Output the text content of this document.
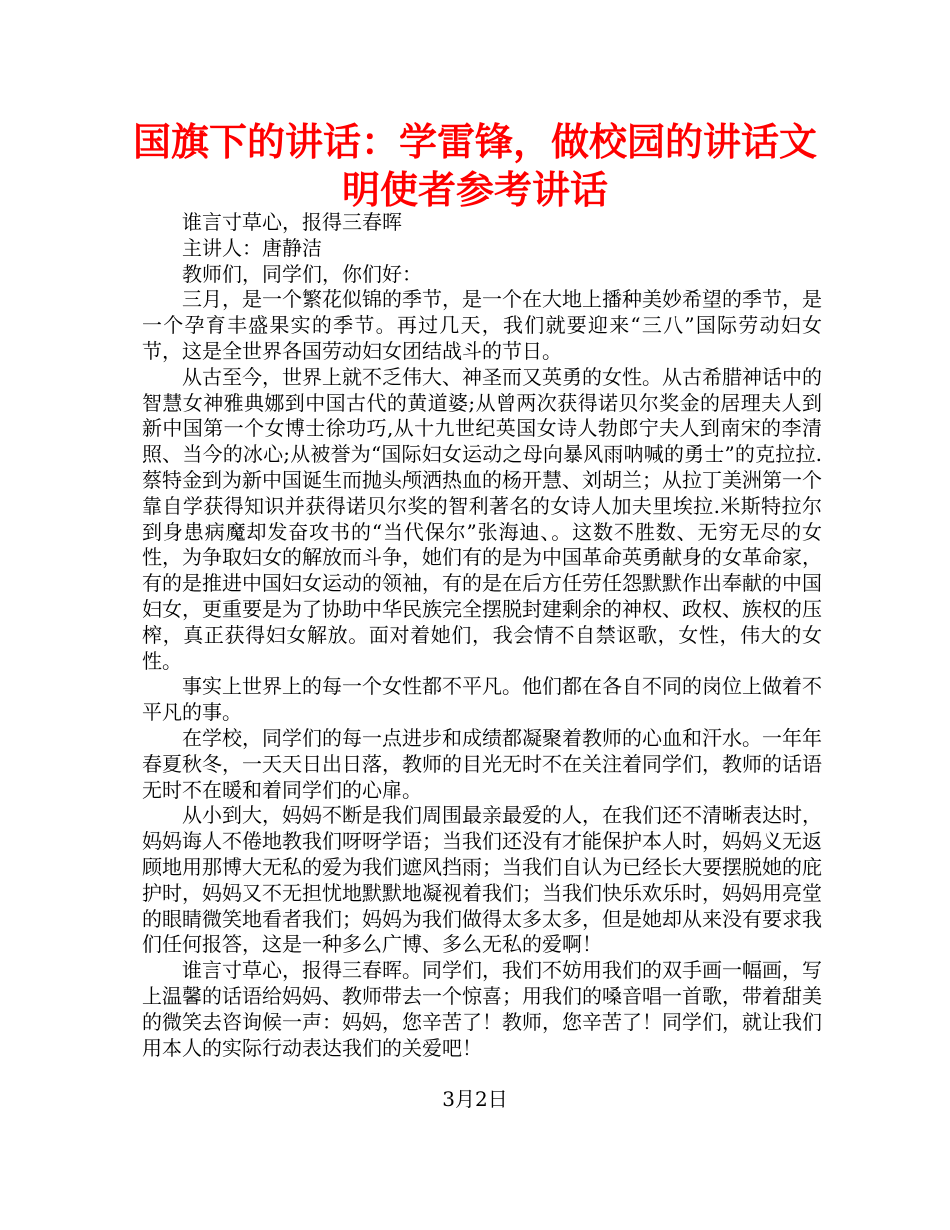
国旗下的讲话：学雷锋，做校园的讲话文明使者参考讲话

谁言寸草心，报得三春晖

主讲人：唐静洁

教师们，同学们，你们好：

三月，是一个繁花似锦的季节，是一个在大地上播种美妙希望的季节，是一个孕育丰盛果实的季节。再过几天，我们就要迎来“三八”国际劳动妇女节，这是全世界各国劳动妇女团结战斗的节日。

从古至今，世界上就不乏伟大、神圣而又英勇的女性。从古希腊神话中的智慧女神雅典娜到中国古代的黄道婆;从曾两次获得诺贝尔奖金的居理夫人到新中国第一个女博士徐功巧,从十九世纪英国女诗人勃郎宁夫人到南宋的李清照、当今的冰心;从被誉为“国际妇女运动之母向暴风雨呐喊的勇士”的克拉拉.蔡特金到为新中国诞生而抛头颅洒热血的杨开慧、刘胡兰；从拉丁美洲第一个靠自学获得知识并获得诺贝尔奖的智利著名的女诗人加夫里埃拉.米斯特拉尔到身患病魔却发奋攻书的“当代保尔”张海迪、。这数不胜数、无穷无尽的女性，为争取妇女的解放而斗争，她们有的是为中国革命英勇献身的女革命家，有的是推进中国妇女运动的领袖，有的是在后方任劳任怨默默作出奉献的中国妇女，更重要是为了协助中华民族完全摆脱封建剩余的神权、政权、族权的压榨，真正获得妇女解放。面对着她们，我会情不自禁讴歌，女性，伟大的女性。

事实上世界上的每一个女性都不平凡。他们都在各自不同的岗位上做着不平凡的事。

在学校，同学们的每一点进步和成绩都凝聚着教师的心血和汗水。一年年春夏秋冬，一天天日出日落，教师的目光无时不在关注着同学们，教师的话语无时不在暖和着同学们的心扉。

从小到大，妈妈不断是我们周围最亲最爱的人，在我们还不清晰表达时，妈妈诲人不倦地教我们呀呀学语；当我们还没有才能保护本人时，妈妈义无返顾地用那博大无私的爱为我们遮风挡雨；当我们自认为已经长大要摆脱她的庇护时，妈妈又不无担忧地默默地凝视着我们；当我们快乐欢乐时，妈妈用亮堂的眼睛微笑地看者我们；妈妈为我们做得太多太多，但是她却从来没有要求我们任何报答，这是一种多么广博、多么无私的爱啊！

谁言寸草心，报得三春晖。同学们，我们不妨用我们的双手画一幅画，写上温馨的话语给妈妈、教师带去一个惊喜；用我们的嗓音唱一首歌，带着甜美的微笑去咨询候一声：妈妈，您辛苦了！教师，您辛苦了！同学们，就让我们用本人的实际行动表达我们的关爱吧！

3月2日
